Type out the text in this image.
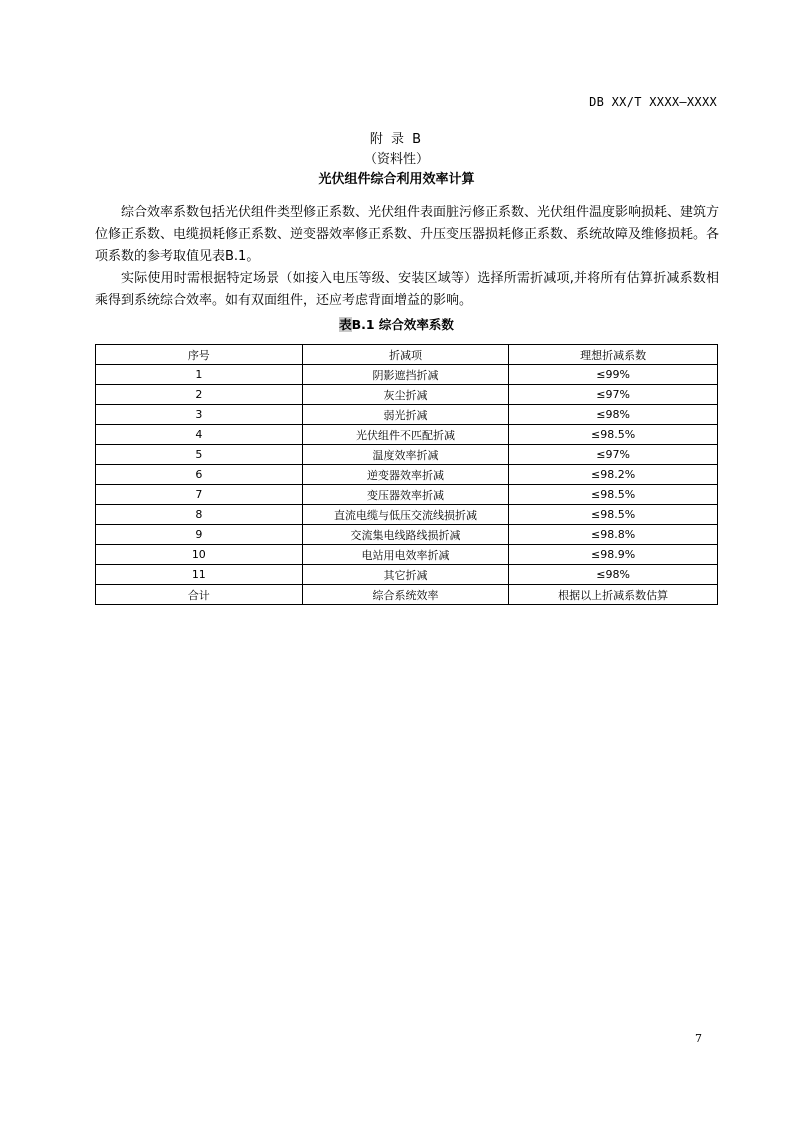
DB XX/T XXXX—XXXX
附 录 B
（资料性）
光伏组件综合利用效率计算

综合效率系数包括光伏组件类型修正系数、光伏组件表面脏污修正系数、光伏组件温度影响损耗、建筑方位修正系数、电缆损耗修正系数、逆变器效率修正系数、升压变压器损耗修正系数、系统故障及维修损耗。各项系数的参考取值见表B.1。

实际使用时需根据特定场景（如接入电压等级、安装区域等）选择所需折减项,并将所有估算折减系数相乘得到系统综合效率。如有双面组件，还应考虑背面增益的影响。

表B.1 综合效率系数
序号	折减项	理想折减系数
1	阴影遮挡折减	≤99%
2	灰尘折减	≤97%
3	弱光折减	≤98%
4	光伏组件不匹配折减	≤98.5%
5	温度效率折减	≤97%
6	逆变器效率折减	≤98.2%
7	变压器效率折减	≤98.5%
8	直流电缆与低压交流线损折减	≤98.5%
9	交流集电线路线损折减	≤98.8%
10	电站用电效率折减	≤98.9%
11	其它折减	≤98%
合计	综合系统效率	根据以上折减系数估算
7
